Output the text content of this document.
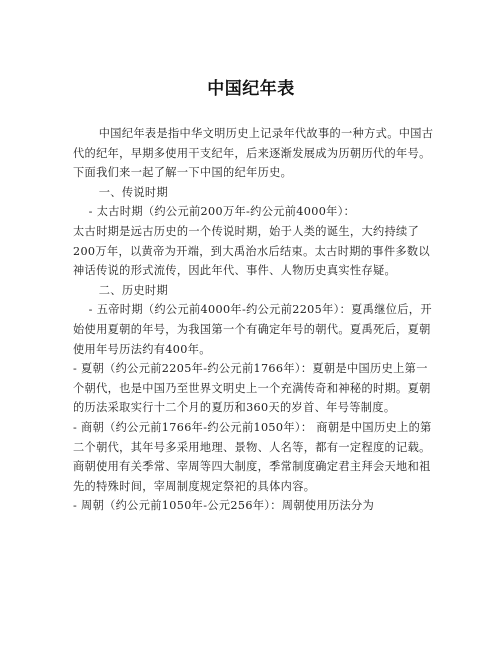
中国纪年表

中国纪年表是指中华文明历史上记录年代故事的一种方式。中国古代的纪年，早期多使用干支纪年，后来逐渐发展成为历朝历代的年号。下面我们来一起了解一下中国的纪年历史。

一、传说时期

- 太古时期（约公元前200万年-约公元前4000年）：

太古时期是远古历史的一个传说时期，始于人类的诞生，大约持续了200万年，以黄帝为开端，到大禹治水后结束。太古时期的事件多数以神话传说的形式流传，因此年代、事件、人物历史真实性存疑。

二、历史时期

- 五帝时期（约公元前4000年-约公元前2205年）：夏禹继位后，开始使用夏朝的年号，为我国第一个有确定年号的朝代。夏禹死后，夏朝使用年号历法约有400年。

- 夏朝（约公元前2205年-约公元前1766年）：夏朝是中国历史上第一个朝代，也是中国乃至世界文明史上一个充满传奇和神秘的时期。夏朝的历法采取实行十二个月的夏历和360天的岁首、年号等制度。

- 商朝（约公元前1766年-约公元前1050年）： 商朝是中国历史上的第二个朝代，其年号多采用地理、景物、人名等，都有一定程度的记载。商朝使用有关季常、宰周等四大制度，季常制度确定君主拜会天地和祖先的特殊时间，宰周制度规定祭祀的具体内容。

- 周朝（约公元前1050年-公元256年）：周朝使用历法分为
